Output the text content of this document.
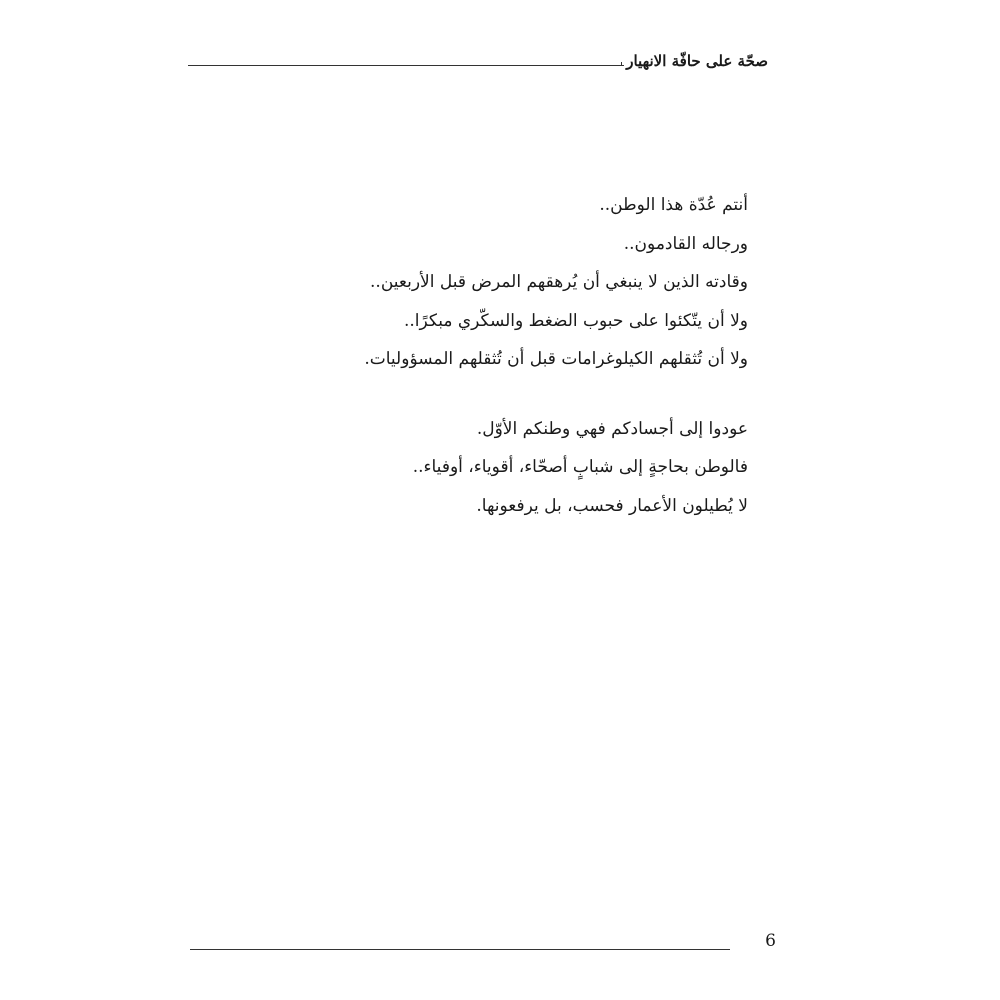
صحّة على حافّة الانهيار
أنتم عُدّة هذا الوطن..
ورجاله القادمون..
وقادته الذين لا ينبغي أن يُرهقهم المرض قبل الأربعين..
ولا أن يتّكئوا على حبوب الضغط والسكّري مبكرًا..
ولا أن تُثقلهم الكيلوغرامات قبل أن تُثقلهم المسؤوليات.
عودوا إلى أجسادكم فهي وطنكم الأوّل.
فالوطن بحاجةٍ إلى شبابٍ أصحّاء، أقوياء، أوفياء..
لا يُطيلون الأعمار فحسب، بل يرفعونها.
6
